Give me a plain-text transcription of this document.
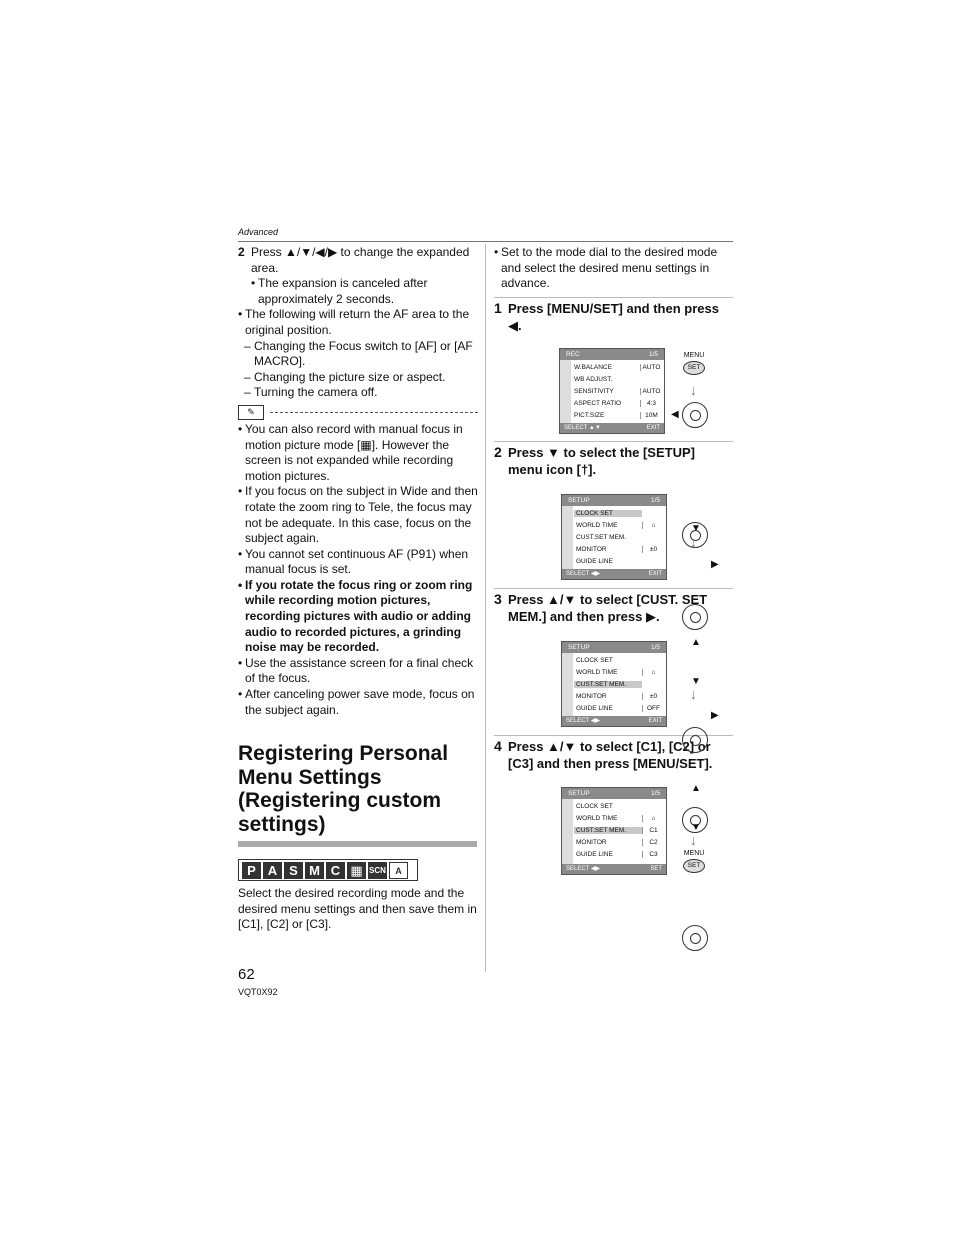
Advanced
2 Press ▲/▼/◀/▶ to change the expanded area.

• The expansion is canceled after approximately 2 seconds.

• The following will return the AF area to the original position.

– Changing the Focus switch to [AF] or [AF MACRO].

– Changing the picture size or aspect.

– Turning the camera off.

✎

• You can also record with manual focus in motion picture mode [▦]. However the screen is not expanded while recording motion pictures.

• If you focus on the subject in Wide and then rotate the zoom ring to Tele, the focus may not be adequate. In this case, focus on the subject again.

• You cannot set continuous AF (P91) when manual focus is set.

• If you rotate the focus ring or zoom ring while recording motion pictures, recording pictures with audio or adding audio to recorded pictures, a grinding noise may be recorded.

• Use the assistance screen for a final check of the focus.

• After canceling power save mode, focus on the subject again.

Registering Personal Menu Settings (Registering custom settings)
P A S M C ▦ SCN	A
Select the desired recording mode and the desired menu settings and then save them in [C1], [C2] or [C3].
62
VQT0X92

• Set to the mode dial to the desired mode and select the desired menu settings in advance.

1 Press [MENU/SET] and then press ◀.
2 Press ▼ to select the [SETUP] menu icon [†].
3 Press ▲/▼ to select [CUST. SET MEM.] and then press ▶.
4 Press ▲/▼ to select [C1], [C2] or [C3] and then press [MENU/SET].
REC	1/5
W.BALANCE	AUTO
WB ADJUST.
SENSITIVITY	AUTO
ASPECT RATIO	4:3
PICT.SIZE	10M
SELECT ▲▼	EXIT
MENU
SET
↓
◀
SETUP	1/5
CLOCK SET
WORLD TIME	⌂
CUST.SET MEM.
MONITOR	±0
GUIDE LINE
SELECT ◀▶	EXIT
▼
↓
▶
SETUP	1/5
CLOCK SET
WORLD TIME	⌂
CUST.SET MEM.
MONITOR	±0
GUIDE LINE	OFF
SELECT ◀▶	EXIT
▲
▼
↓
▶
SETUP	1/5
CLOCK SET
WORLD TIME	⌂
CUST.SET MEM.	C1
MONITOR	C2
GUIDE LINE	C3
SELECT ◀▶	SET
▲
▼
↓
MENU
SET
